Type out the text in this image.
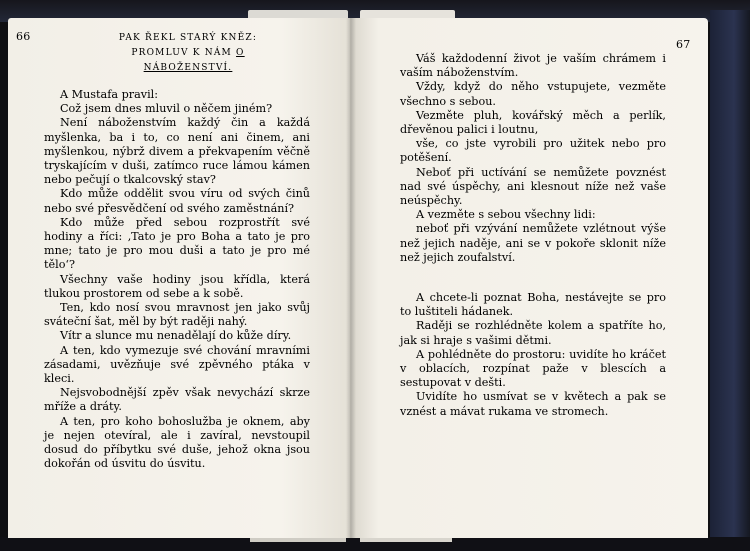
66	PAK ŘEKL STARÝ KNĚZ:
PROMLUV K NÁM O NÁBOŽENSTVÍ.

A Mustafa pravil:

Což jsem dnes mluvil o něčem jiném?

Není náboženstvím každý čin a každá myšlenka, ba i to, co není ani činem, ani myšlenkou, nýbrž divem a překvapením věčně tryskajícím v duši, zatímco ruce lámou kámen nebo pečují o tkalcovský stav?

Kdo může oddělit svou víru od svých činů nebo své přesvědčení od svého zaměstnání?

Kdo může před sebou rozprostřít své hodiny a říci: ‚Tato je pro Boha a tato je pro mne; tato je pro mou duši a tato je pro mé tělo‘?

Všechny vaše hodiny jsou křídla, která tlukou prostorem od sebe a k sobě.

Ten, kdo nosí svou mravnost jen jako svůj sváteční šat, měl by být raději nahý.

Vítr a slunce mu nenadělají do kůže díry.

A ten, kdo vymezuje své chování mravními zásadami, uvězňuje své zpěvného ptáka v kleci.

Nejsvobodnější zpěv však nevychází skrze mříže a dráty.

A ten, pro koho bohoslužba je oknem, aby je nejen otevíral, ale i zavíral, nevstoupil dosud do příbytku své duše, jehož okna jsou dokořán od úsvitu do úsvitu.

67

Váš každodenní život je vaším chrámem i vaším náboženstvím.

Vždy, když do něho vstupujete, vezměte všechno s sebou.

Vezměte pluh, kovářský měch a perlík, dřevěnou palici i loutnu,

vše, co jste vyrobili pro užitek nebo pro potěšení.

Neboť při uctívání se nemůžete povznést nad své úspěchy, ani klesnout níže než vaše neúspěchy.

A vezměte s sebou všechny lidi:

neboť při vzývání nemůžete vzlétnout výše než jejich naděje, ani se v pokoře sklonit níže než jejich zoufalství.

A chcete-li poznat Boha, nestávejte se pro to luštiteli hádanek.

Raději se rozhlédněte kolem a spatříte ho, jak si hraje s vašimi dětmi.

A pohlédněte do prostoru: uvidíte ho kráčet v oblacích, rozpínat paže v blescích a sestupovat v dešti.

Uvidíte ho usmívat se v květech a pak se vznést a mávat rukama ve stromech.
